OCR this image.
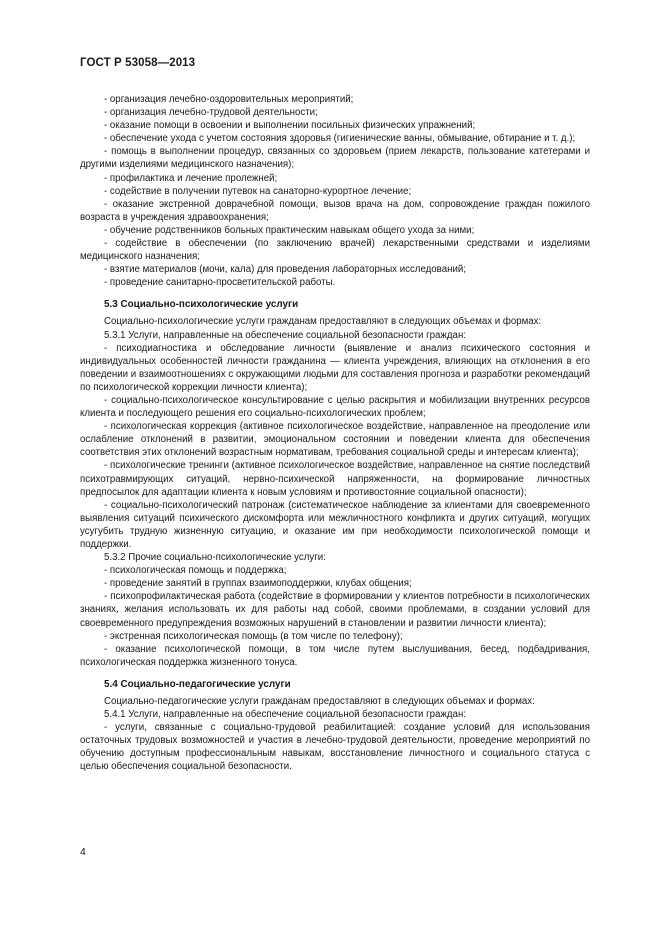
ГОСТ Р 53058—2013

- организация лечебно-оздоровительных мероприятий;

- организация лечебно-трудовой деятельности;

- оказание помощи в освоении и выполнении посильных физических упражнений;

- обеспечение ухода с учетом состояния здоровья (гигиенические ванны, обмывание, обтирание и т. д.);

- помощь в выполнении процедур, связанных со здоровьем (прием лекарств, пользование катетерами и другими изделиями медицинского назначения);

- профилактика и лечение пролежней;

- содействие в получении путевок на санаторно-курортное лечение;

- оказание экстренной доврачебной помощи, вызов врача на дом, сопровождение граждан пожилого возраста в учреждения здравоохранения;

- обучение родственников больных практическим навыкам общего ухода за ними;

- содействие в обеспечении (по заключению врачей) лекарственными средствами и изделиями медицинского назначения;

- взятие материалов (мочи, кала) для проведения лабораторных исследований;

- проведение санитарно-просветительской работы.

5.3 Социально-психологические услуги

Социально-психологические услуги гражданам предоставляют в следующих объемах и формах:

5.3.1 Услуги, направленные на обеспечение социальной безопасности граждан:

- психодиагностика и обследование личности (выявление и анализ психического состояния и индивидуальных особенностей личности гражданина — клиента учреждения, влияющих на отклонения в его поведении и взаимоотношениях с окружающими людьми для составления прогноза и разработки рекомендаций по психологической коррекции личности клиента);

- социально-психологическое консультирование с целью раскрытия и мобилизации внутренних ресурсов клиента и последующего решения его социально-психологических проблем;

- психологическая коррекция (активное психологическое воздействие, направленное на преодоление или ослабление отклонений в развитии, эмоциональном состоянии и поведении клиента для обеспечения соответствия этих отклонений возрастным нормативам, требования социальной среды и интересам клиента);

- психологические тренинги (активное психологическое воздействие, направленное на снятие последствий психотравмирующих ситуаций, нервно-психической напряженности, на формирование личностных предпосылок для адаптации клиента к новым условиям и противостояние социальной опасности);

- социально-психологический патронаж (систематическое наблюдение за клиентами для своевременного выявления ситуаций психического дискомфорта или межличностного конфликта и других ситуаций, могущих усугубить трудную жизненную ситуацию, и оказание им при необходимости психологической помощи и поддержки.

5.3.2 Прочие социально-психологические услуги:

- психологическая помощь и поддержка;

- проведение занятий в группах взаимоподдержки, клубах общения;

- психопрофилактическая работа (содействие в формировании у клиентов потребности в психологических знаниях, желания использовать их для работы над собой, своими проблемами, в создании условий для своевременного предупреждения возможных нарушений в становлении и развитии личности клиента);

- экстренная психологическая помощь (в том числе по телефону);

- оказание психологической помощи, в том числе путем выслушивания, бесед, подбадривания, психологическая поддержка жизненного тонуса.

5.4 Социально-педагогические услуги

Социально-педагогические услуги гражданам предоставляют в следующих объемах и формах:

5.4.1 Услуги, направленные на обеспечение социальной безопасности граждан:

- услуги, связанные с социально-трудовой реабилитацией: создание условий для использования остаточных трудовых возможностей и участия в лечебно-трудовой деятельности, проведение мероприятий по обучению доступным профессиональным навыкам, восстановление личностного и социального статуса с целью обеспечения социальной безопасности.

4
